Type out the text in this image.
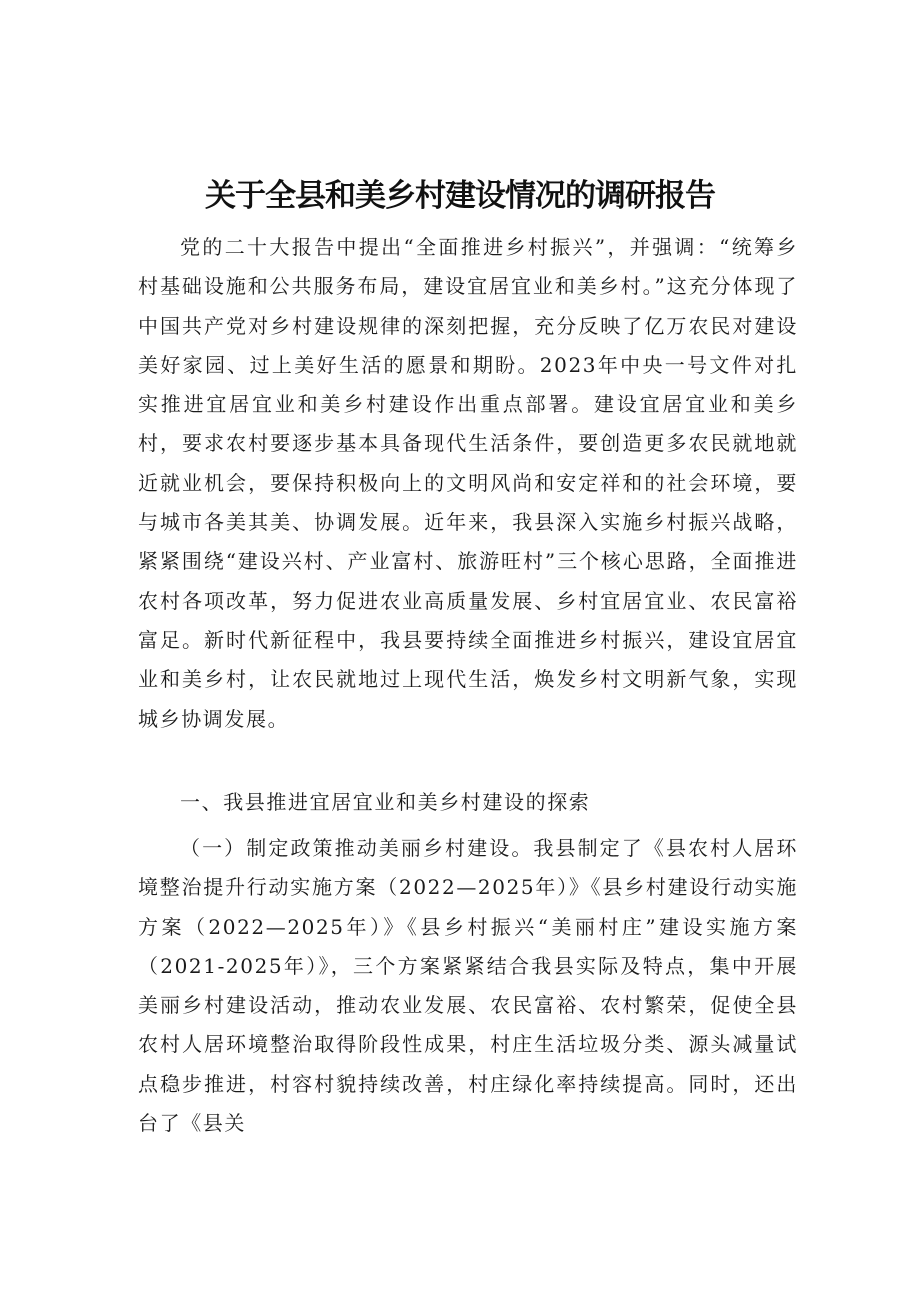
关于全县和美乡村建设情况的调研报告

党的二十大报告中提出“全面推进乡村振兴”，并强调：“统筹乡村基础设施和公共服务布局，建设宜居宜业和美乡村。”这充分体现了中国共产党对乡村建设规律的深刻把握，充分反映了亿万农民对建设美好家园、过上美好生活的愿景和期盼。2023年中央一号文件对扎实推进宜居宜业和美乡村建设作出重点部署。建设宜居宜业和美乡村，要求农村要逐步基本具备现代生活条件，要创造更多农民就地就近就业机会，要保持积极向上的文明风尚和安定祥和的社会环境，要与城市各美其美、协调发展。近年来，我县深入实施乡村振兴战略，紧紧围绕“建设兴村、产业富村、旅游旺村”三个核心思路，全面推进农村各项改革，努力促进农业高质量发展、乡村宜居宜业、农民富裕富足。新时代新征程中，我县要持续全面推进乡村振兴，建设宜居宜业和美乡村，让农民就地过上现代生活，焕发乡村文明新气象，实现城乡协调发展。

一、我县推进宜居宜业和美乡村建设的探索

（一）制定政策推动美丽乡村建设。我县制定了《县农村人居环境整治提升行动实施方案（2022—2025年）》《县乡村建设行动实施方案（2022—2025年）》《县乡村振兴“美丽村庄”建设实施方案（2021-2025年）》，三个方案紧紧结合我县实际及特点，集中开展美丽乡村建设活动，推动农业发展、农民富裕、农村繁荣，促使全县农村人居环境整治取得阶段性成果，村庄生活垃圾分类、源头减量试点稳步推进，村容村貌持续改善，村庄绿化率持续提高。同时，还出台了《县关
